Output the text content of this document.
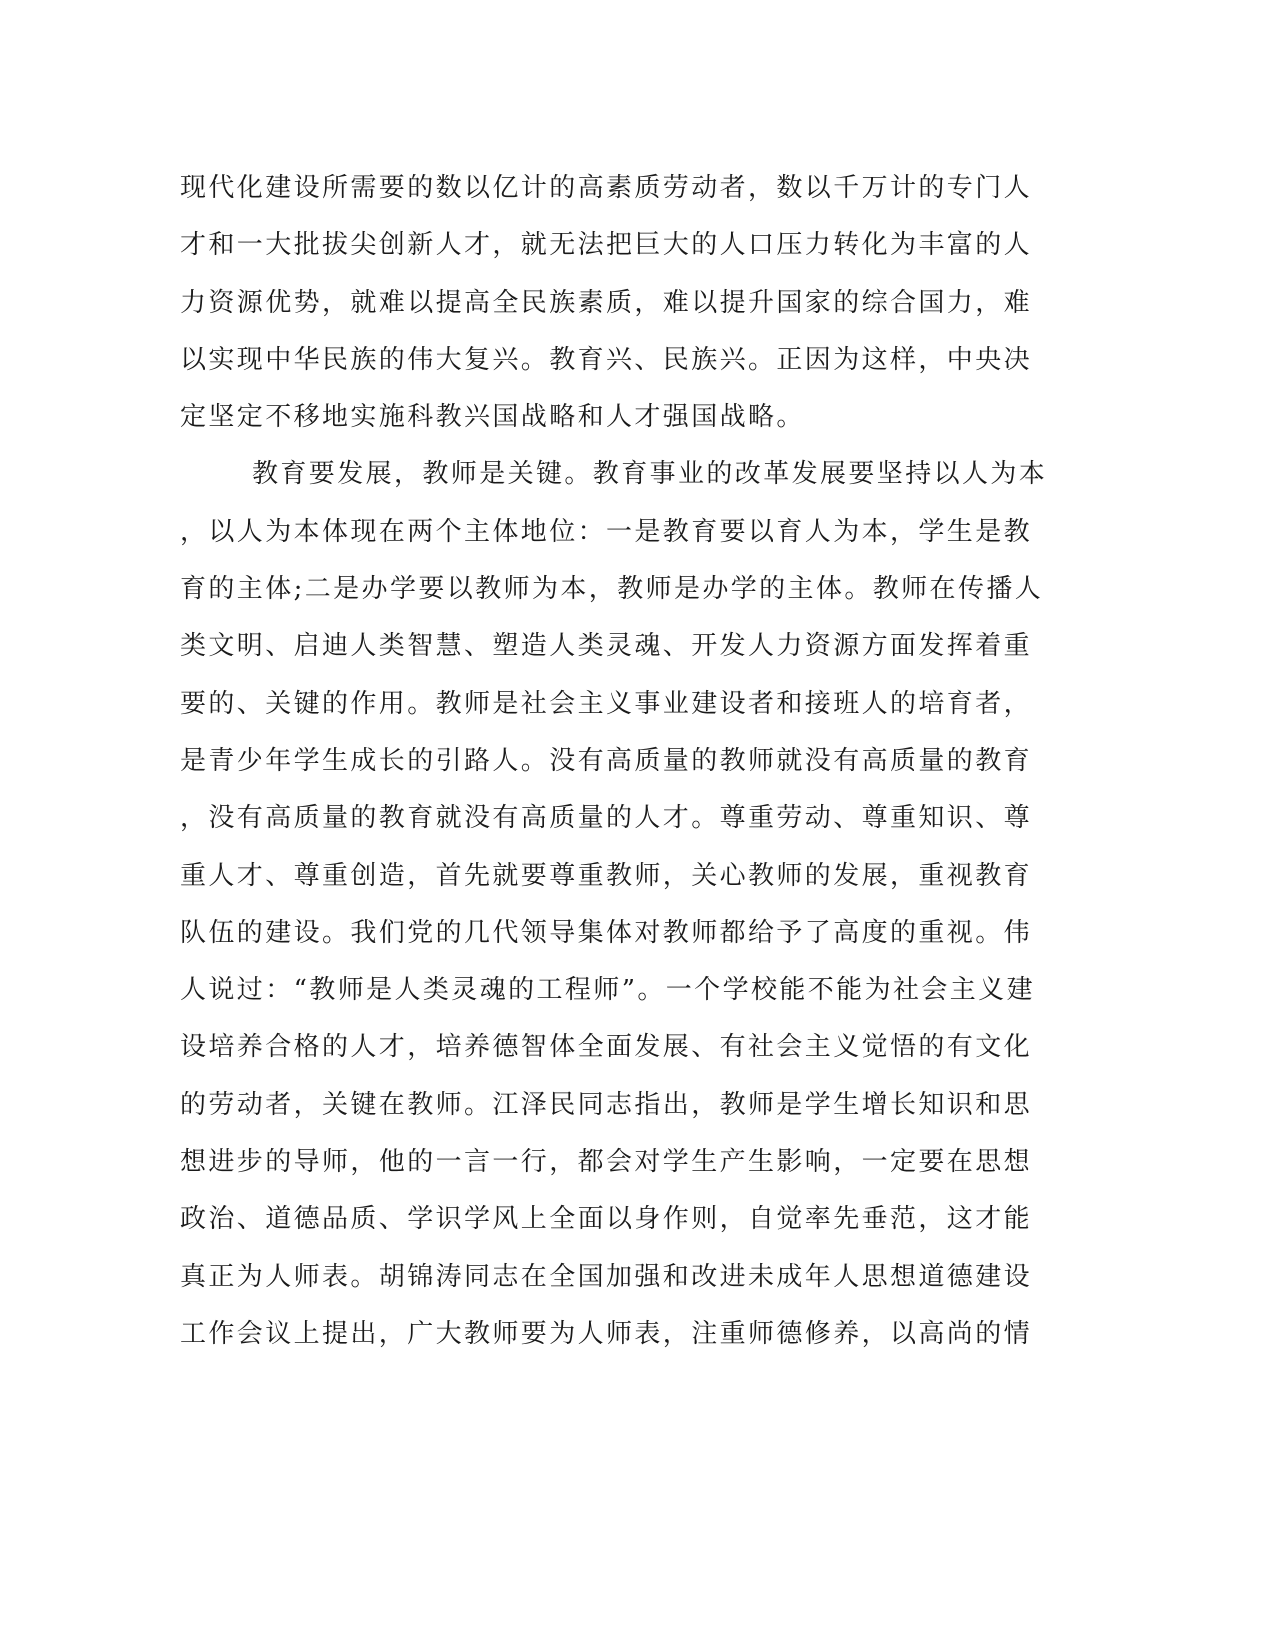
现代化建设所需要的数以亿计的高素质劳动者，数以千万计的专门人
才和一大批拔尖创新人才，就无法把巨大的人口压力转化为丰富的人
力资源优势，就难以提高全民族素质，难以提升国家的综合国力，难
以实现中华民族的伟大复兴。教育兴、民族兴。正因为这样，中央决
定坚定不移地实施科教兴国战略和人才强国战略。
教育要发展，教师是关键。教育事业的改革发展要坚持以人为本
，以人为本体现在两个主体地位：一是教育要以育人为本，学生是教
育的主体;二是办学要以教师为本，教师是办学的主体。教师在传播人
类文明、启迪人类智慧、塑造人类灵魂、开发人力资源方面发挥着重
要的、关键的作用。教师是社会主义事业建设者和接班人的培育者，
是青少年学生成长的引路人。没有高质量的教师就没有高质量的教育
，没有高质量的教育就没有高质量的人才。尊重劳动、尊重知识、尊
重人才、尊重创造，首先就要尊重教师，关心教师的发展，重视教育
队伍的建设。我们党的几代领导集体对教师都给予了高度的重视。伟
人说过：“教师是人类灵魂的工程师”。一个学校能不能为社会主义建
设培养合格的人才，培养德智体全面发展、有社会主义觉悟的有文化
的劳动者，关键在教师。江泽民同志指出，教师是学生增长知识和思
想进步的导师，他的一言一行，都会对学生产生影响，一定要在思想
政治、道德品质、学识学风上全面以身作则，自觉率先垂范，这才能
真正为人师表。胡锦涛同志在全国加强和改进未成年人思想道德建设
工作会议上提出，广大教师要为人师表，注重师德修养，以高尚的情
